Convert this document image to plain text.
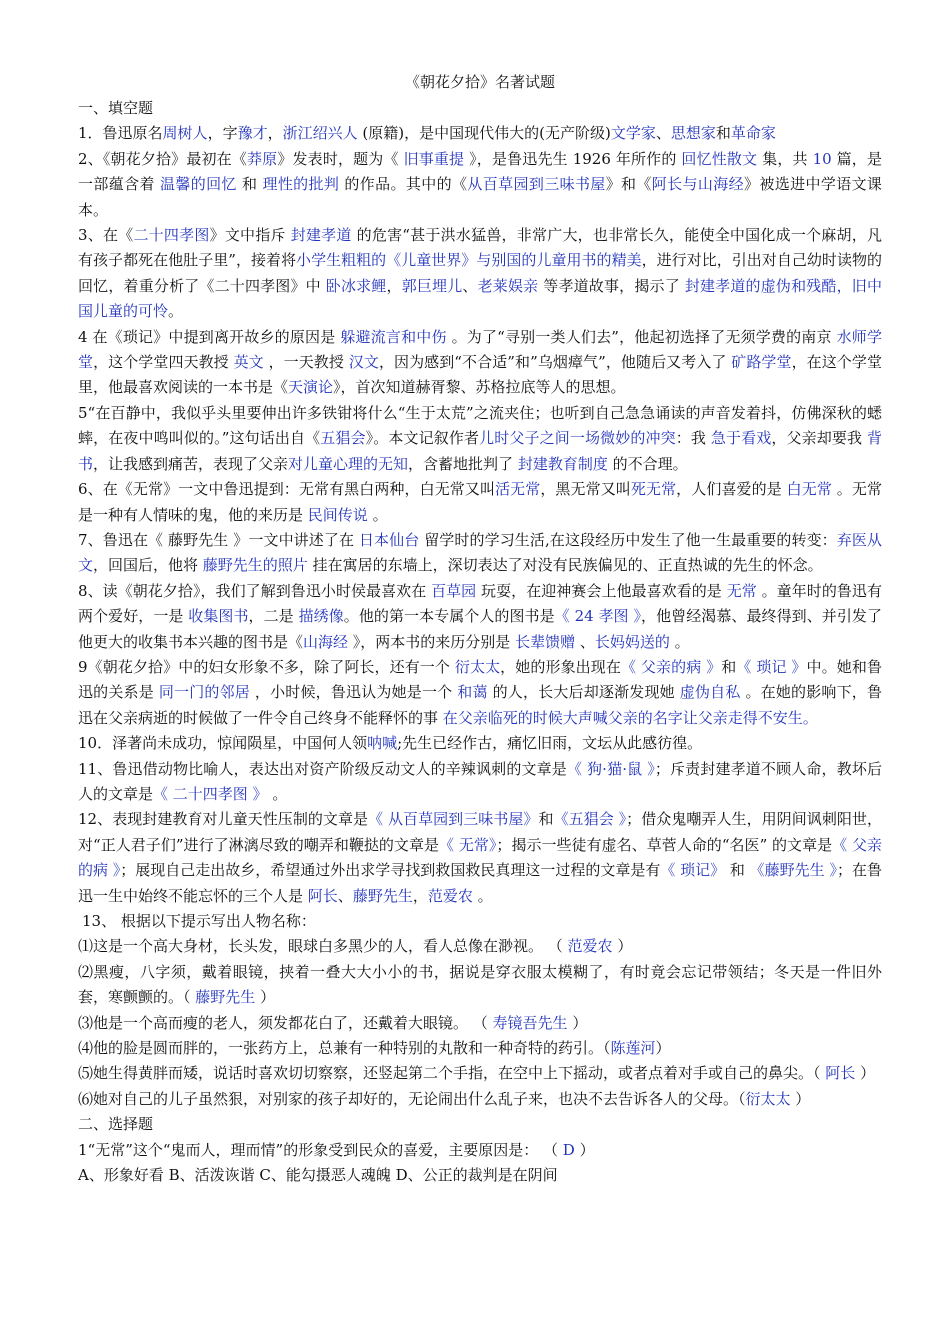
《朝花夕拾》名著试题

一、填空题

1．鲁迅原名周树人，字豫才，浙江绍兴人 (原籍)，是中国现代伟大的(无产阶级)文学家、思想家和革命家

2、《朝花夕拾》最初在《莽原》发表时，题为《 旧事重提 》，是鲁迅先生 1926 年所作的 回忆性散文 集，共 10 篇，是一部蕴含着 温馨的回忆 和 理性的批判 的作品。其中的《从百草园到三味书屋》和《阿长与山海经》被选进中学语文课本。

3、在《二十四孝图》文中指斥 封建孝道 的危害“甚于洪水猛兽，非常广大，也非常长久，能使全中国化成一个麻胡，凡有孩子都死在他肚子里”，接着将小学生粗粗的《儿童世界》与别国的儿童用书的精美，进行对比，引出对自己幼时读物的回忆，着重分析了《二十四孝图》中 卧冰求鲤，郭巨埋儿、老莱娱亲 等孝道故事，揭示了 封建孝道的虚伪和残酷，旧中国儿童的可怜。

4 在《琐记》中提到离开故乡的原因是 躲避流言和中伤 。为了“寻别一类人们去”，他起初选择了无须学费的南京 水师学堂，这个学堂四天教授 英文 ，一天教授 汉文，因为感到“不合适”和”乌烟瘴气”，他随后又考入了 矿路学堂，在这个学堂里，他最喜欢阅读的一本书是《天演论》，首次知道赫胥黎、苏格拉底等人的思想。

5“在百静中，我似乎头里要伸出许多铁钳将什么“生于太荒”之流夹住；也听到自己急急诵读的声音发着抖，仿佛深秋的蟋蟀，在夜中鸣叫似的。”这句话出自《五猖会》。本文记叙作者儿时父子之间一场微妙的冲突：我 急于看戏，父亲却要我 背书，让我感到痛苦，表现了父亲对儿童心理的无知，含蓄地批判了 封建教育制度 的不合理。

6、在《无常》一文中鲁迅提到：无常有黑白两种，白无常又叫活无常，黑无常又叫死无常，人们喜爱的是 白无常 。无常是一种有人情味的鬼，他的来历是 民间传说 。

7、鲁迅在《 藤野先生 》一文中讲述了在 日本仙台 留学时的学习生活,在这段经历中发生了他一生最重要的转变：弃医从文，回国后，他将 藤野先生的照片 挂在寓居的东墙上，深切表达了对没有民族偏见的、正直热诚的先生的怀念。

8、读《朝花夕拾》，我们了解到鲁迅小时侯最喜欢在 百草园 玩耍，在迎神赛会上他最喜欢看的是 无常 。童年时的鲁迅有两个爱好，一是 收集图书，二是 描绣像。他的第一本专属个人的图书是《 24 孝图 》，他曾经渴慕、最终得到、并引发了他更大的收集书本兴趣的图书是《山海经 》，两本书的来历分别是 长辈馈赠 、长妈妈送的 。

9《朝花夕拾》中的妇女形象不多，除了阿长，还有一个 衍太太，她的形象出现在《 父亲的病 》和《 琐记 》中。她和鲁迅的关系是 同一门的邻居 ，小时候，鲁迅认为她是一个 和蔼 的人，长大后却逐渐发现她 虚伪自私 。在她的影响下，鲁迅在父亲病逝的时候做了一件令自己终身不能释怀的事 在父亲临死的时候大声喊父亲的名字让父亲走得不安生。

10．泽著尚未成功，惊闻陨星，中国何人领呐喊;先生已经作古，痛忆旧雨，文坛从此感彷徨。

11、鲁迅借动物比喻人，表达出对资产阶级反动文人的辛辣讽刺的文章是《 狗·猫·鼠 》；斥责封建孝道不顾人命，教坏后人的文章是《 二十四孝图 》 。

12、表现封建教育对儿童天性压制的文章是《 从百草园到三味书屋》和《五猖会 》；借众鬼嘲弄人生，用阴间讽刺阳世，对“正人君子们”进行了淋漓尽致的嘲弄和鞭挞的文章是《 无常》；揭示一些徒有虚名、草菅人命的“名医” 的文章是《 父亲的病 》；展现自己走出故乡，希望通过外出求学寻找到救国救民真理这一过程的文章是有《 琐记》 和 《藤野先生 》；在鲁迅一生中始终不能忘怀的三个人是 阿长、藤野先生，范爱农 。

13、 根据以下提示写出人物名称：

⑴这是一个高大身材，长头发，眼球白多黑少的人，看人总像在渺视。 （ 范爱农 ）

⑵黑瘦，八字须，戴着眼镜，挟着一叠大大小小的书，据说是穿衣服太模糊了，有时竟会忘记带领结；冬天是一件旧外套，寒颤颤的。（ 藤野先生 ）

⑶他是一个高而瘦的老人，须发都花白了，还戴着大眼镜。 （ 寿镜吾先生 ）

⑷他的脸是圆而胖的，一张药方上，总兼有一种特别的丸散和一种奇特的药引。（陈莲河）

⑸她生得黄胖而矮，说话时喜欢切切察察，还竖起第二个手指，在空中上下摇动，或者点着对手或自己的鼻尖。（ 阿长 ）

⑹她对自己的儿子虽然狠，对别家的孩子却好的，无论闹出什么乱子来，也决不去告诉各人的父母。（衍太太 ）

二、选择题

1“无常”这个“鬼而人，理而情”的形象受到民众的喜爱，主要原因是： （ D ）

A、形象好看 B、活泼诙谐 C、能勾摄恶人魂魄 D、公正的裁判是在阴间
